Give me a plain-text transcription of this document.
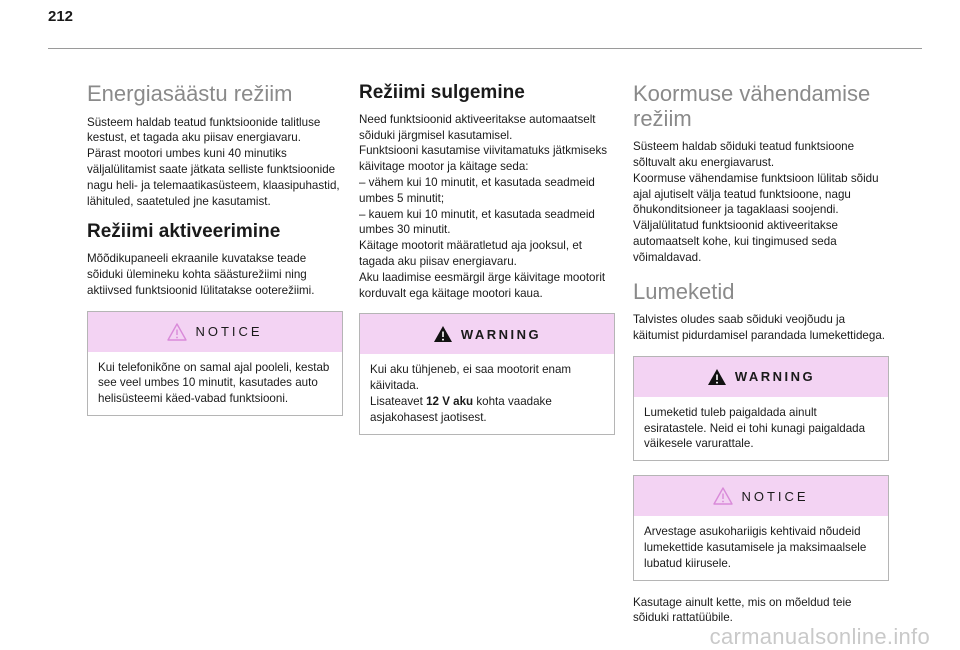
212
Energiasäästu režiim

Süsteem haldab teatud funktsioonide talitluse
kestust, et tagada aku piisav energiavaru.
Pärast mootori umbes kuni 40 minutiks
väljalülitamist saate jätkata selliste funktsioonide
nagu heli- ja telemaatikasüsteem, klaasipuhastid,
lähituled, saatetuled jne kasutamist.

Režiimi aktiveerimine

Mõõdikupaneeli ekraanile kuvatakse teade
sõiduki ülemineku kohta säästurežiimi ning
aktiivsed funktsioonid lülitatakse ooterežiimi.

NOTICE
Kui telefonikõne on samal ajal pooleli, kestab
see veel umbes 10 minutit, kasutades auto
helisüsteemi käed-vabad funktsiooni.
Režiimi sulgemine

Need funktsioonid aktiveeritakse automaatselt
sõiduki järgmisel kasutamisel.
Funktsiooni kasutamise viivitamatuks jätkmiseks
käivitage mootor ja käitage seda:
– vähem kui 10 minutit, et kasutada seadmeid
umbes 5 minutit;
– kauem kui 10 minutit, et kasutada seadmeid
umbes 30 minutit.
Käitage mootorit määratletud aja jooksul, et
tagada aku piisav energiavaru.
Aku laadimise eesmärgil ärge käivitage mootorit
korduvalt ega käitage mootori kaua.

WARNING
Kui aku tühjeneb, ei saa mootorit enam
käivitada.
Lisateavet 12 V aku kohta vaadake
asjakohasest jaotisest.
Koormuse vähendamise
režiim

Süsteem haldab sõiduki teatud funktsioone
sõltuvalt aku energiavarust.
Koormuse vähendamise funktsioon lülitab sõidu
ajal ajutiselt välja teatud funktsioone, nagu
õhukonditsioneer ja tagaklaasi soojendi.
Väljalülitatud funktsioonid aktiveeritakse
automaatselt kohe, kui tingimused seda
võimaldavad.

Lumeketid

Talvistes oludes saab sõiduki veojõudu ja
käitumist pidurdamisel parandada lumekettidega.

WARNING
Lumeketid tuleb paigaldada ainult
esiratastele. Neid ei tohi kunagi paigaldada
väikesele varurattale.
NOTICE
Arvestage asukohariigis kehtivaid nõudeid
lumekettide kasutamisele ja maksimaalsele
lubatud kiirusele.

Kasutage ainult kette, mis on mõeldud teie
sõiduki rattatüübile.

carmanualsonline.info
